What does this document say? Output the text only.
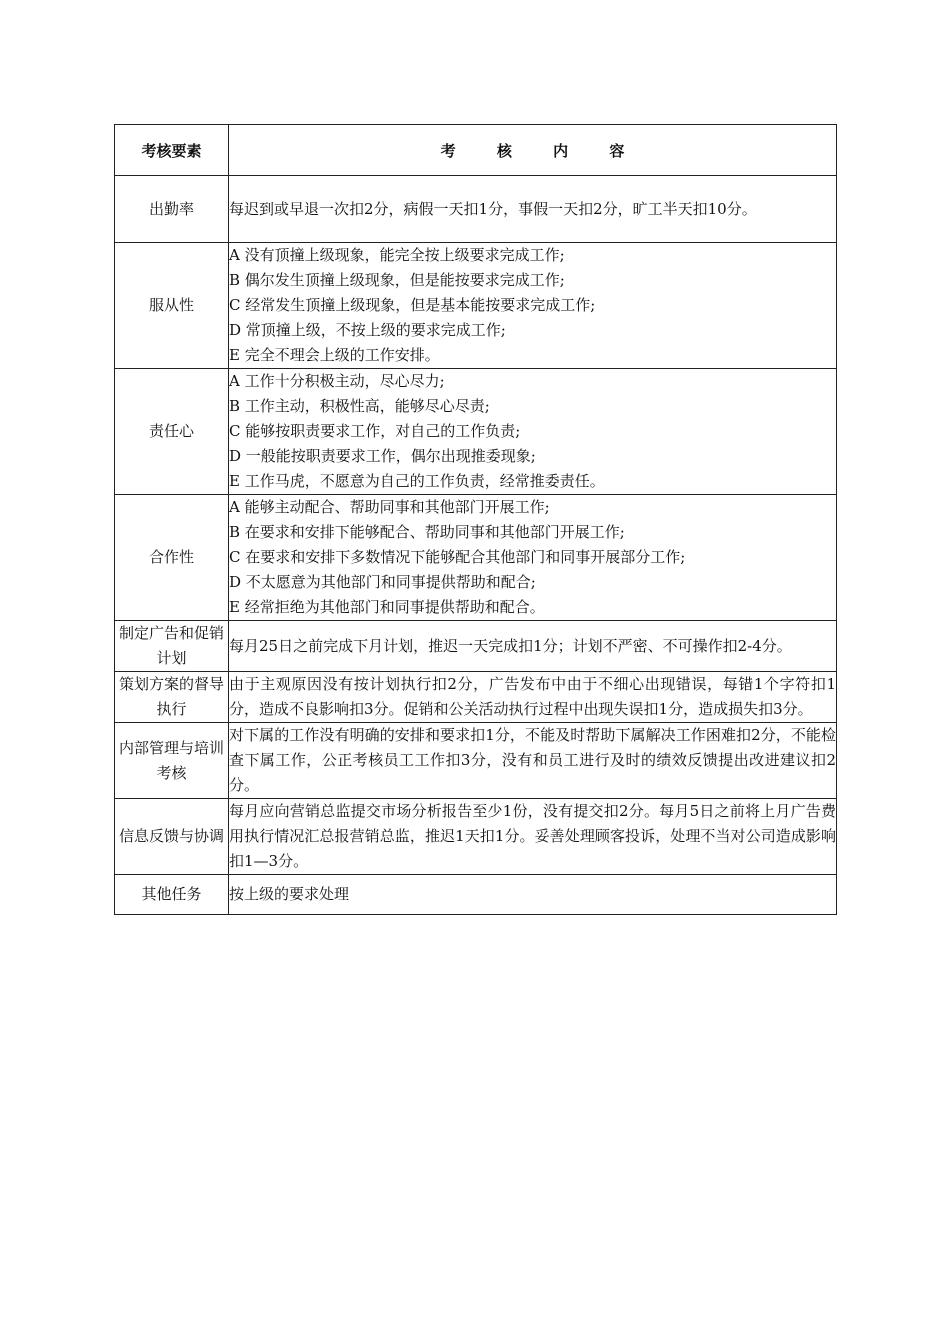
考核要素	考 核 内 容
出勤率	每迟到或早退一次扣2分，病假一天扣1分，事假一天扣2分，旷工半天扣10分。
服从性	A 没有顶撞上级现象，能完全按上级要求完成工作;
B 偶尔发生顶撞上级现象，但是能按要求完成工作;
C 经常发生顶撞上级现象，但是基本能按要求完成工作;
D 常顶撞上级，不按上级的要求完成工作;
E 完全不理会上级的工作安排。

责任心	A 工作十分积极主动，尽心尽力;
B 工作主动，积极性高，能够尽心尽责;
C 能够按职责要求工作，对自己的工作负责;
D 一般能按职责要求工作，偶尔出现推委现象;
E 工作马虎，不愿意为自己的工作负责，经常推委责任。

合作性	A 能够主动配合、帮助同事和其他部门开展工作;
B 在要求和安排下能够配合、帮助同事和其他部门开展工作;
C 在要求和安排下多数情况下能够配合其他部门和同事开展部分工作;
D 不太愿意为其他部门和同事提供帮助和配合;
E 经常拒绝为其他部门和同事提供帮助和配合。

制定广告和促销计划	每月25日之前完成下月计划，推迟一天完成扣1分；计划不严密、不可操作扣2-4分。
策划方案的督导执行	由于主观原因没有按计划执行扣2分，广告发布中由于不细心出现错误，每错1个字符扣1分，造成不良影响扣3分。促销和公关活动执行过程中出现失误扣1分，造成损失扣3分。
内部管理与培训考核	对下属的工作没有明确的安排和要求扣1分，不能及时帮助下属解决工作困难扣2分，不能检查下属工作，公正考核员工工作扣3分，没有和员工进行及时的绩效反馈提出改进建议扣2分。
信息反馈与协调	每月应向营销总监提交市场分析报告至少1份，没有提交扣2分。每月5日之前将上月广告费用执行情况汇总报营销总监，推迟1天扣1分。妥善处理顾客投诉，处理不当对公司造成影响扣1—3分。
其他任务	按上级的要求处理
